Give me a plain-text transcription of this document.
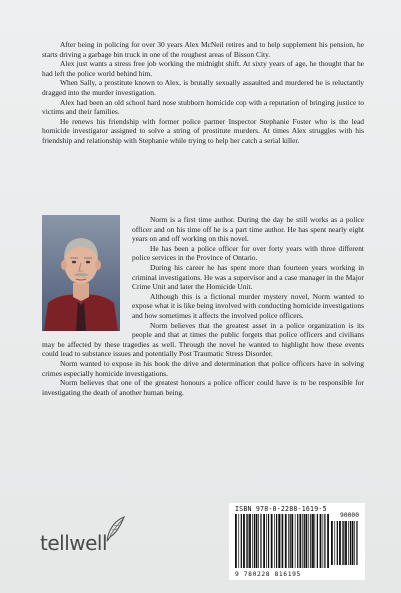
After being in policing for over 30 years Alex McNeil retires and to help supplement his pension, he starts driving a garbage bin truck in one of the roughest areas of Bisson City.

Alex just wants a stress free job working the midnight shift. At sixty years of age, he thought that he had left the police world behind him.

When Sally, a prostitute known to Alex, is brutally sexually assaulted and murdered he is reluctantly dragged into the murder investigation.

Alex had been an old school hard nose stubborn homicide cop with a reputation of bringing justice to victims and their families.

He renews his friendship with former police partner Inspector Stephanie Foster who is the lead homicide investigator assigned to solve a string of prostitute murders. At times Alex struggles with his friendship and relationship with Stephanie while trying to help her catch a serial killer.

Norm is a first time author. During the day he still works as a police officer and on his time off he is a part time author. He has spent nearly eight years on and off working on this novel.

He has been a police officer for over forty years with three different police services in the Province of Ontario.

During his career he has spent more than fourteen years working in criminal investigations. He was a supervisor and a case manager in the Major Crime Unit and later the Homicide Unit.

Although this is a fictional murder mystery novel, Norm wanted to expose what it is like being involved with conducting homicide investigations and how sometimes it affects the involved police officers.

Norm believes that the greatest asset in a police organization is its people and that at times the public forgets that police officers and civilians may be affected by these tragedies as well. Through the novel he wanted to highlight how these events could lead to substance issues and potentially Post Traumatic Stress Disorder.

Norm wanted to expose in his book the drive and determination that police officers have in solving crimes especially homicide investigations.

Norm believes that one of the greatest honours a police officer could have is to be responsible for investigating the death of another human being.

tellwell
ISBN 978-0-2288-1619-5
90000
9 780228 816195
